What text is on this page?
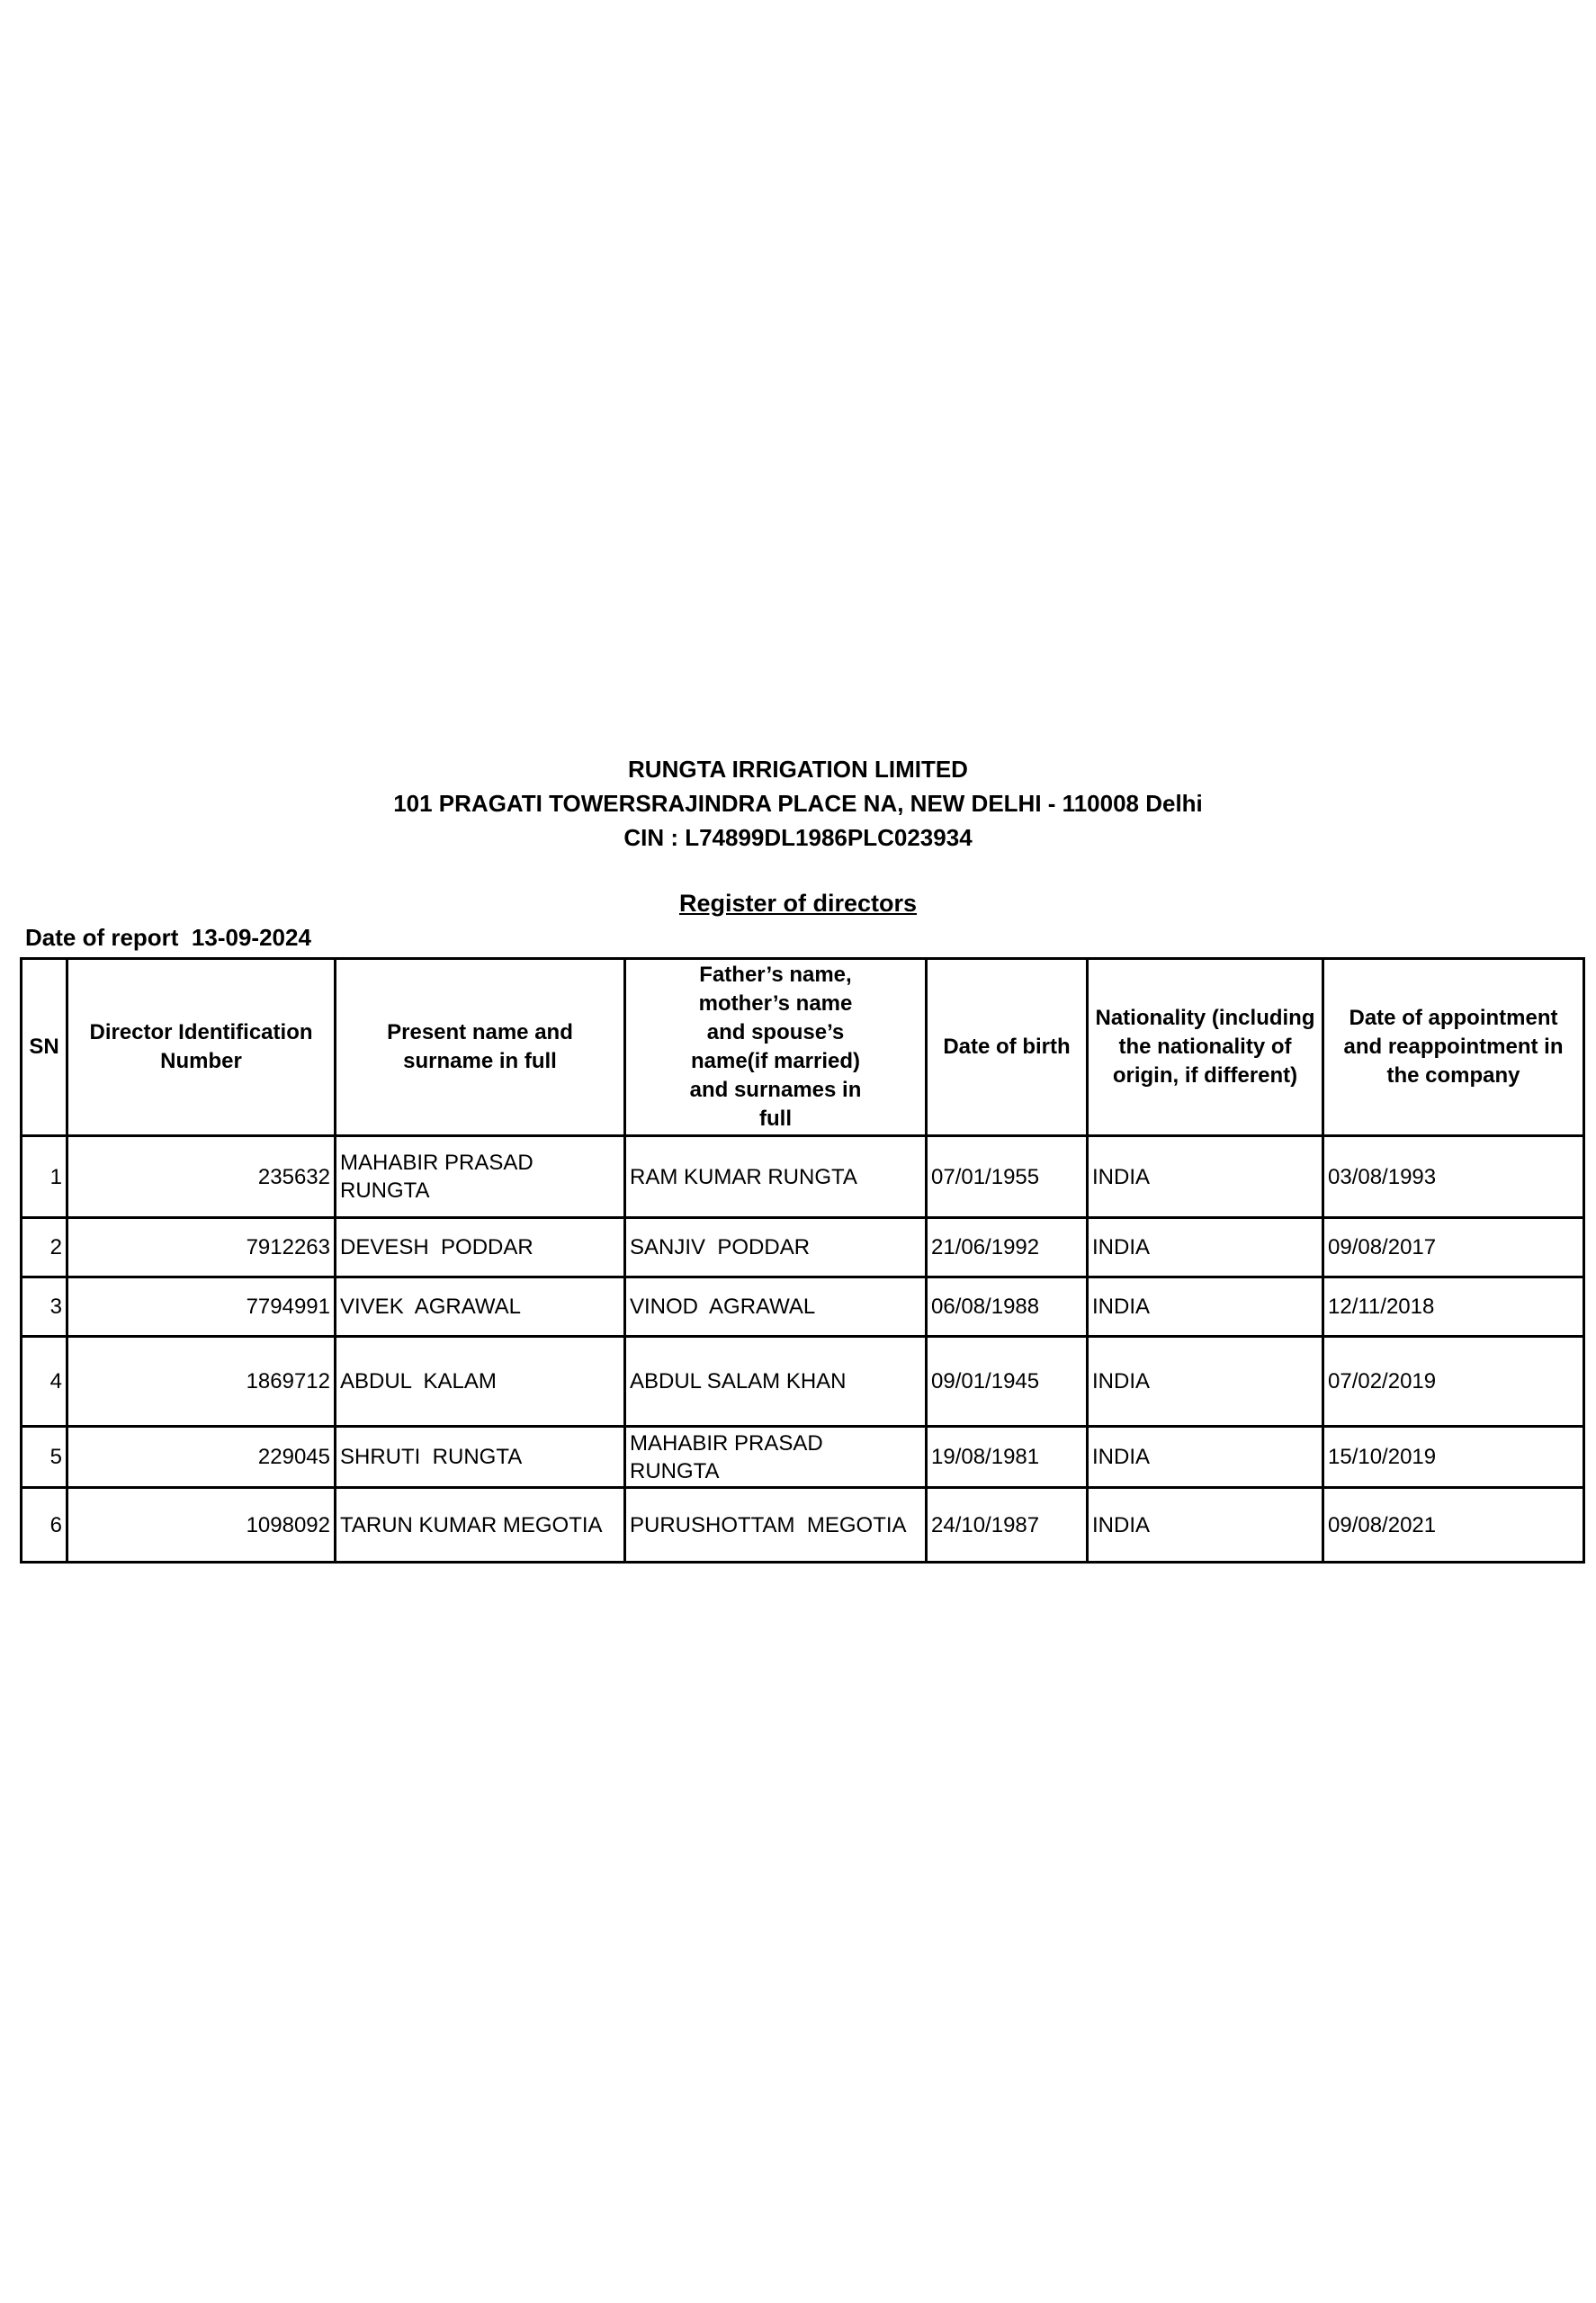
RUNGTA IRRIGATION LIMITED
101 PRAGATI TOWERSRAJINDRA PLACE NA, NEW DELHI - 110008 Delhi
CIN : L74899DL1986PLC023934
Register of directors
Date of report  13-09-2024
SN	Director Identification Number	Present name and surname in full	Father’s name, mother’s name and spouse’s name(if married) and surnames in full	Date of birth	Nationality (including the nationality of origin, if different)	Date of appointment and reappointment in the company
1	235632	MAHABIR PRASAD RUNGTA	RAM KUMAR RUNGTA	07/01/1955	INDIA	03/08/1993
2	7912263	DEVESH  PODDAR	SANJIV  PODDAR	21/06/1992	INDIA	09/08/2017
3	7794991	VIVEK  AGRAWAL	VINOD  AGRAWAL	06/08/1988	INDIA	12/11/2018
4	1869712	ABDUL  KALAM	ABDUL SALAM KHAN	09/01/1945	INDIA	07/02/2019
5	229045	SHRUTI  RUNGTA	MAHABIR PRASAD RUNGTA	19/08/1981	INDIA	15/10/2019
6	1098092	TARUN KUMAR MEGOTIA	PURUSHOTTAM  MEGOTIA	24/10/1987	INDIA	09/08/2021
